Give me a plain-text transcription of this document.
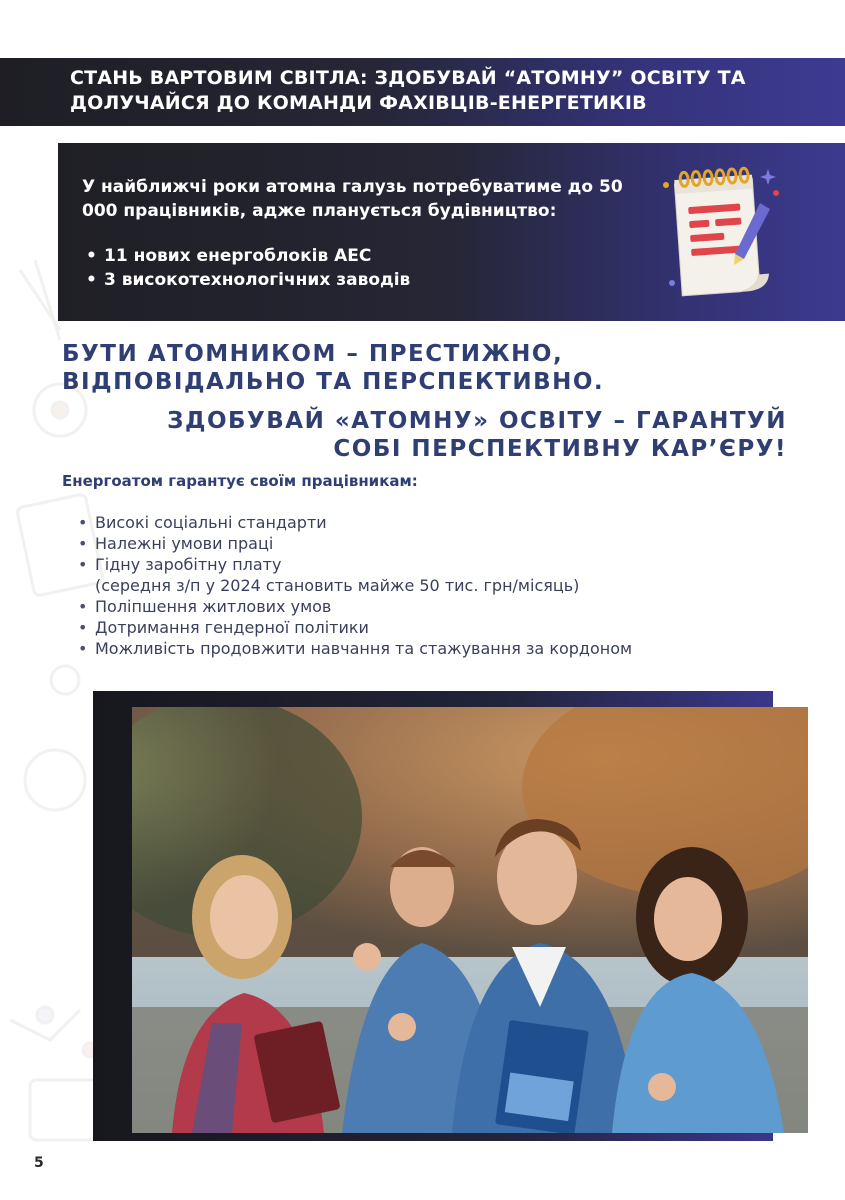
СТАНЬ ВАРТОВИМ СВІТЛА: ЗДОБУВАЙ “АТОМНУ” ОСВІТУ ТА ДОЛУЧАЙСЯ ДО КОМАНДИ ФАХІВЦІВ-ЕНЕРГЕТИКІВ

У найближчі роки атомна галузь потребуватиме до 50 000 працівників, адже планується будівництво:

• 11 нових енергоблоків АЕС
• 3 високотехнологічних заводів
БУТИ АТОМНИКОМ – ПРЕСТИЖНО, ВІДПОВІДАЛЬНО ТА ПЕРСПЕКТИВНО.
ЗДОБУВАЙ «АТОМНУ» ОСВІТУ – ГАРАНТУЙ СОБІ ПЕРСПЕКТИВНУ КАР’ЄРУ!

Енергоатом гарантує своїм працівникам:

• Високі соціальні стандарти
• Належні умови праці
• Гідну заробітну плату
(середня з/п у 2024 становить майже 50 тис. грн/місяць)
• Поліпшення житлових умов
• Дотримання гендерної політики
• Можливість продовжити навчання та стажування за кордоном

5
